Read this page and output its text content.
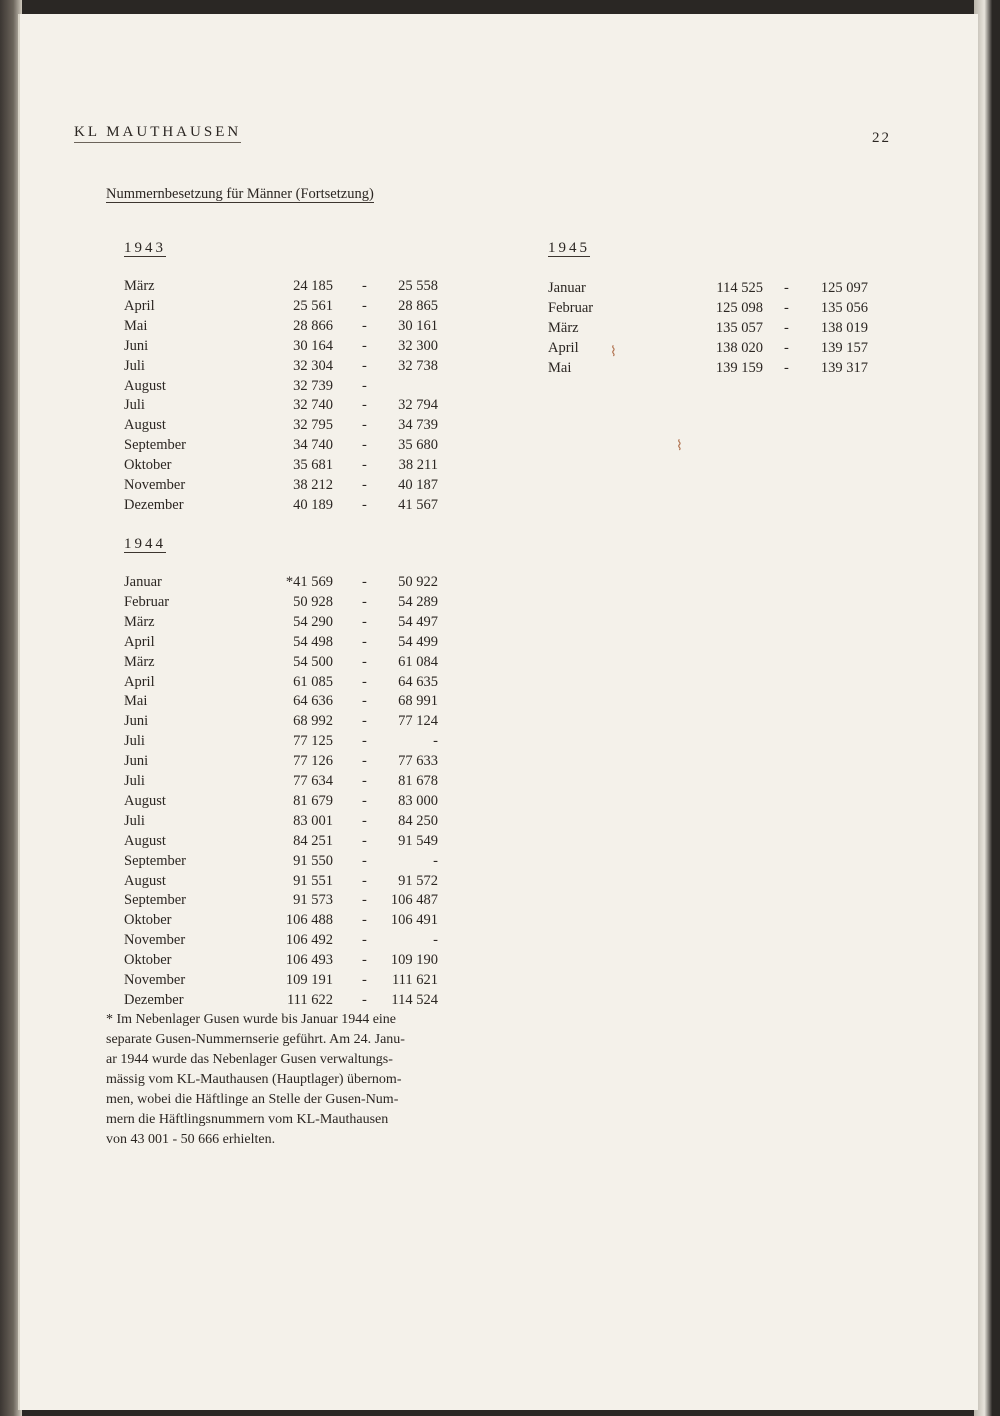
KL MAUTHAUSEN	22
Nummernbesetzung für Männer (Fortsetzung)
1943
März	24 185 - 25 558
April	25 561 - 28 865
Mai	28 866 - 30 161
Juni	30 164 - 32 300
Juli	32 304 - 32 738
August	32 739 -
Juli	32 740 - 32 794
August	32 795 - 34 739
September	34 740 - 35 680
Oktober	35 681 - 38 211
November	38 212 - 40 187
Dezember	40 189 - 41 567
1944
Januar	*41 569 - 50 922
Februar	50 928 - 54 289
März	54 290 - 54 497
April	54 498 - 54 499
März	54 500 - 61 084
April	61 085 - 64 635
Mai	64 636 - 68 991
Juni	68 992 - 77 124
Juli	77 125 -	-
Juni	77 126 - 77 633
Juli	77 634 - 81 678
August	81 679 - 83 000
Juli	83 001 - 84 250
August	84 251 - 91 549
September	91 550 -	-
August	91 551 - 91 572
September	91 573 - 106 487
Oktober	106 488 - 106 491
November	106 492 -	-
Oktober	106 493 - 109 190
November	109 191 - 111 621
Dezember	111 622 - 114 524
1945
Januar	114 525 - 125 097
Februar	125 098 - 135 056
März	135 057 - 138 019
April	138 020 - 139 157
Mai	139 159 - 139 317
⌇
⌇

* Im Nebenlager Gusen wurde bis Januar 1944 eine

separate Gusen-Nummernserie geführt. Am 24. Janu-

ar 1944 wurde das Nebenlager Gusen verwaltungs-

mässig vom KL-Mauthausen (Hauptlager) übernom-

men, wobei die Häftlinge an Stelle der Gusen-Num-

mern die Häftlingsnummern vom KL-Mauthausen

von 43 001 - 50 666 erhielten.
